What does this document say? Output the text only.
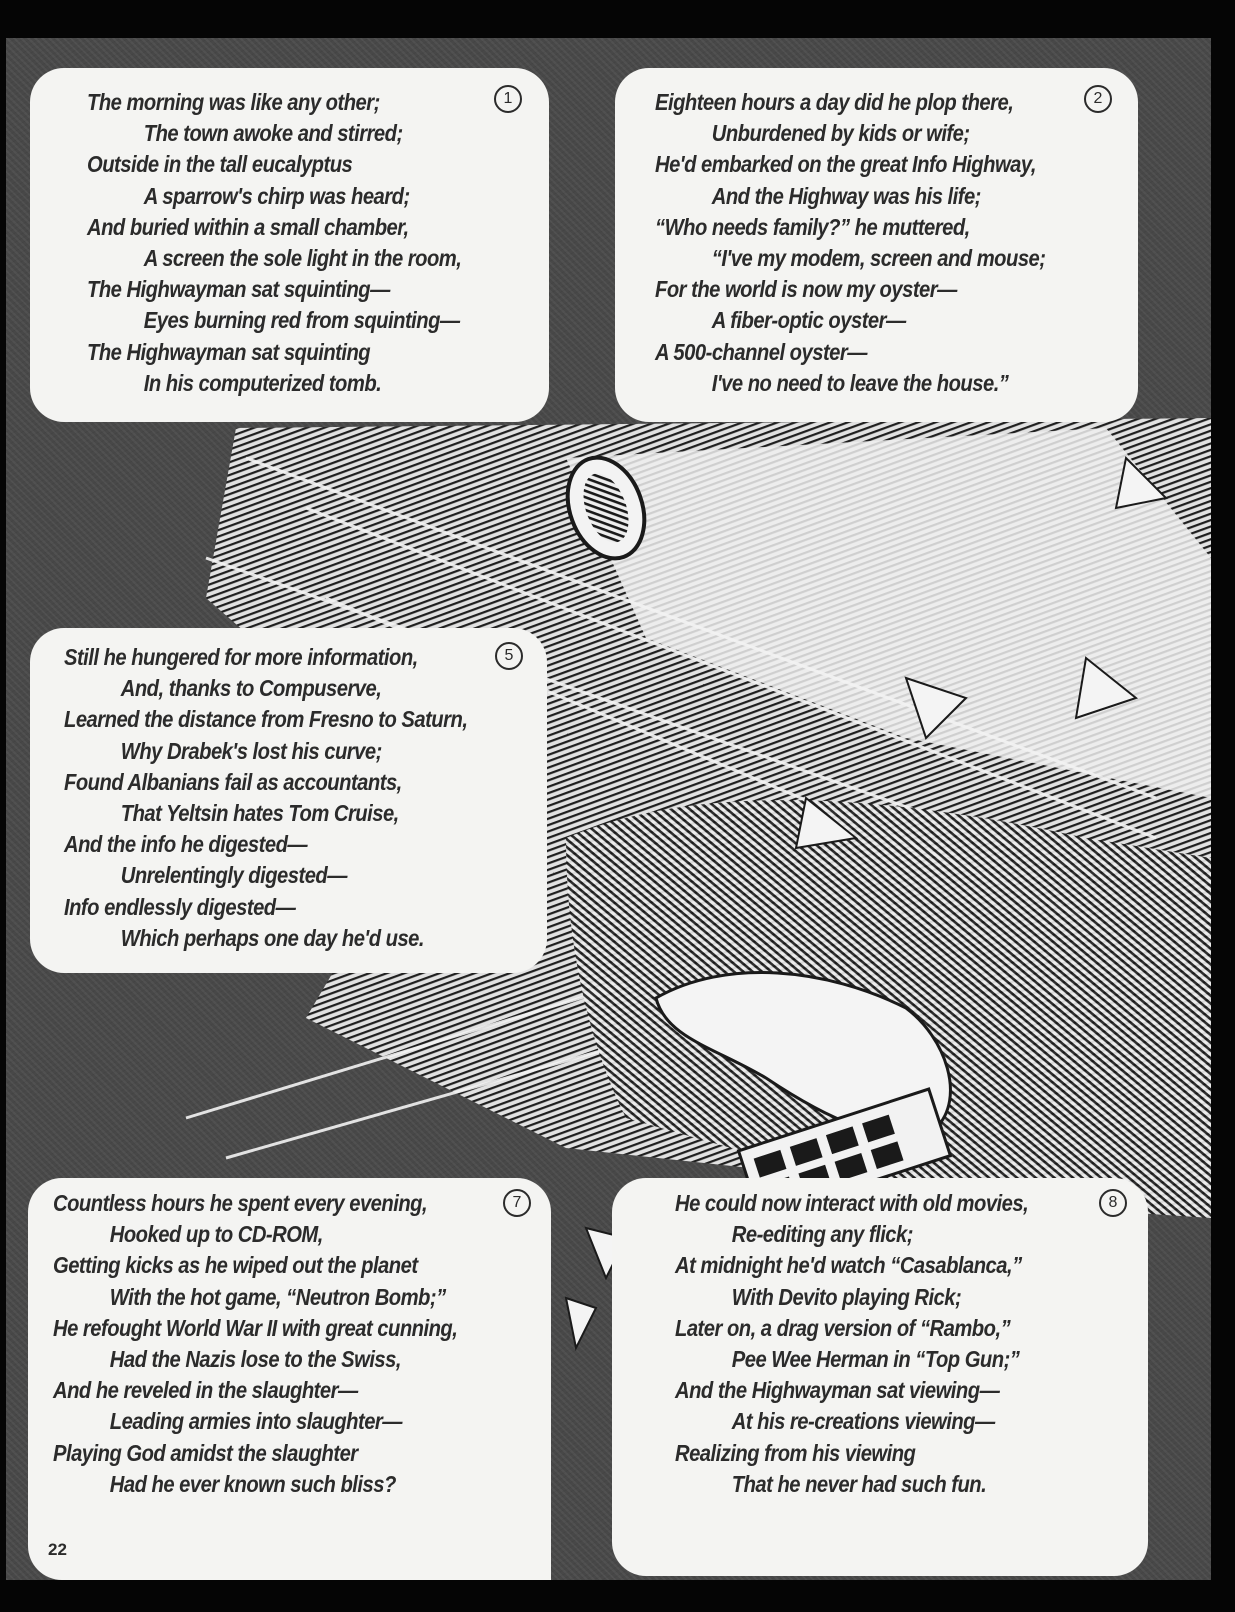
1
The morning was like any other;
The town awoke and stirred;
Outside in the tall eucalyptus
A sparrow's chirp was heard;
And buried within a small chamber,
A screen the sole light in the room,
The Highwayman sat squinting—
Eyes burning red from squinting—
The Highwayman sat squinting
In his computerized tomb.
2
Eighteen hours a day did he plop there,
Unburdened by kids or wife;
He'd embarked on the great Info Highway,
And the Highway was his life;
“Who needs family?” he muttered,
“I've my modem, screen and mouse;
For the world is now my oyster—
A fiber-optic oyster—
A 500-channel oyster—
I've no need to leave the house.”
5
Still he hungered for more information,
And, thanks to Compuserve,
Learned the distance from Fresno to Saturn,
Why Drabek's lost his curve;
Found Albanians fail as accountants,
That Yeltsin hates Tom Cruise,
And the info he digested—
Unrelentingly digested—
Info endlessly digested—
Which perhaps one day he'd use.
7
Countless hours he spent every evening,
Hooked up to CD-ROM,
Getting kicks as he wiped out the planet
With the hot game, “Neutron Bomb;”
He refought World War II with great cunning,
Had the Nazis lose to the Swiss,
And he reveled in the slaughter—
Leading armies into slaughter—
Playing God amidst the slaughter
Had he ever known such bliss?
22
8
He could now interact with old movies,
Re-editing any flick;
At midnight he'd watch “Casablanca,”
With Devito playing Rick;
Later on, a drag version of “Rambo,”
Pee Wee Herman in “Top Gun;”
And the Highwayman sat viewing—
At his re-creations viewing—
Realizing from his viewing
That he never had such fun.
